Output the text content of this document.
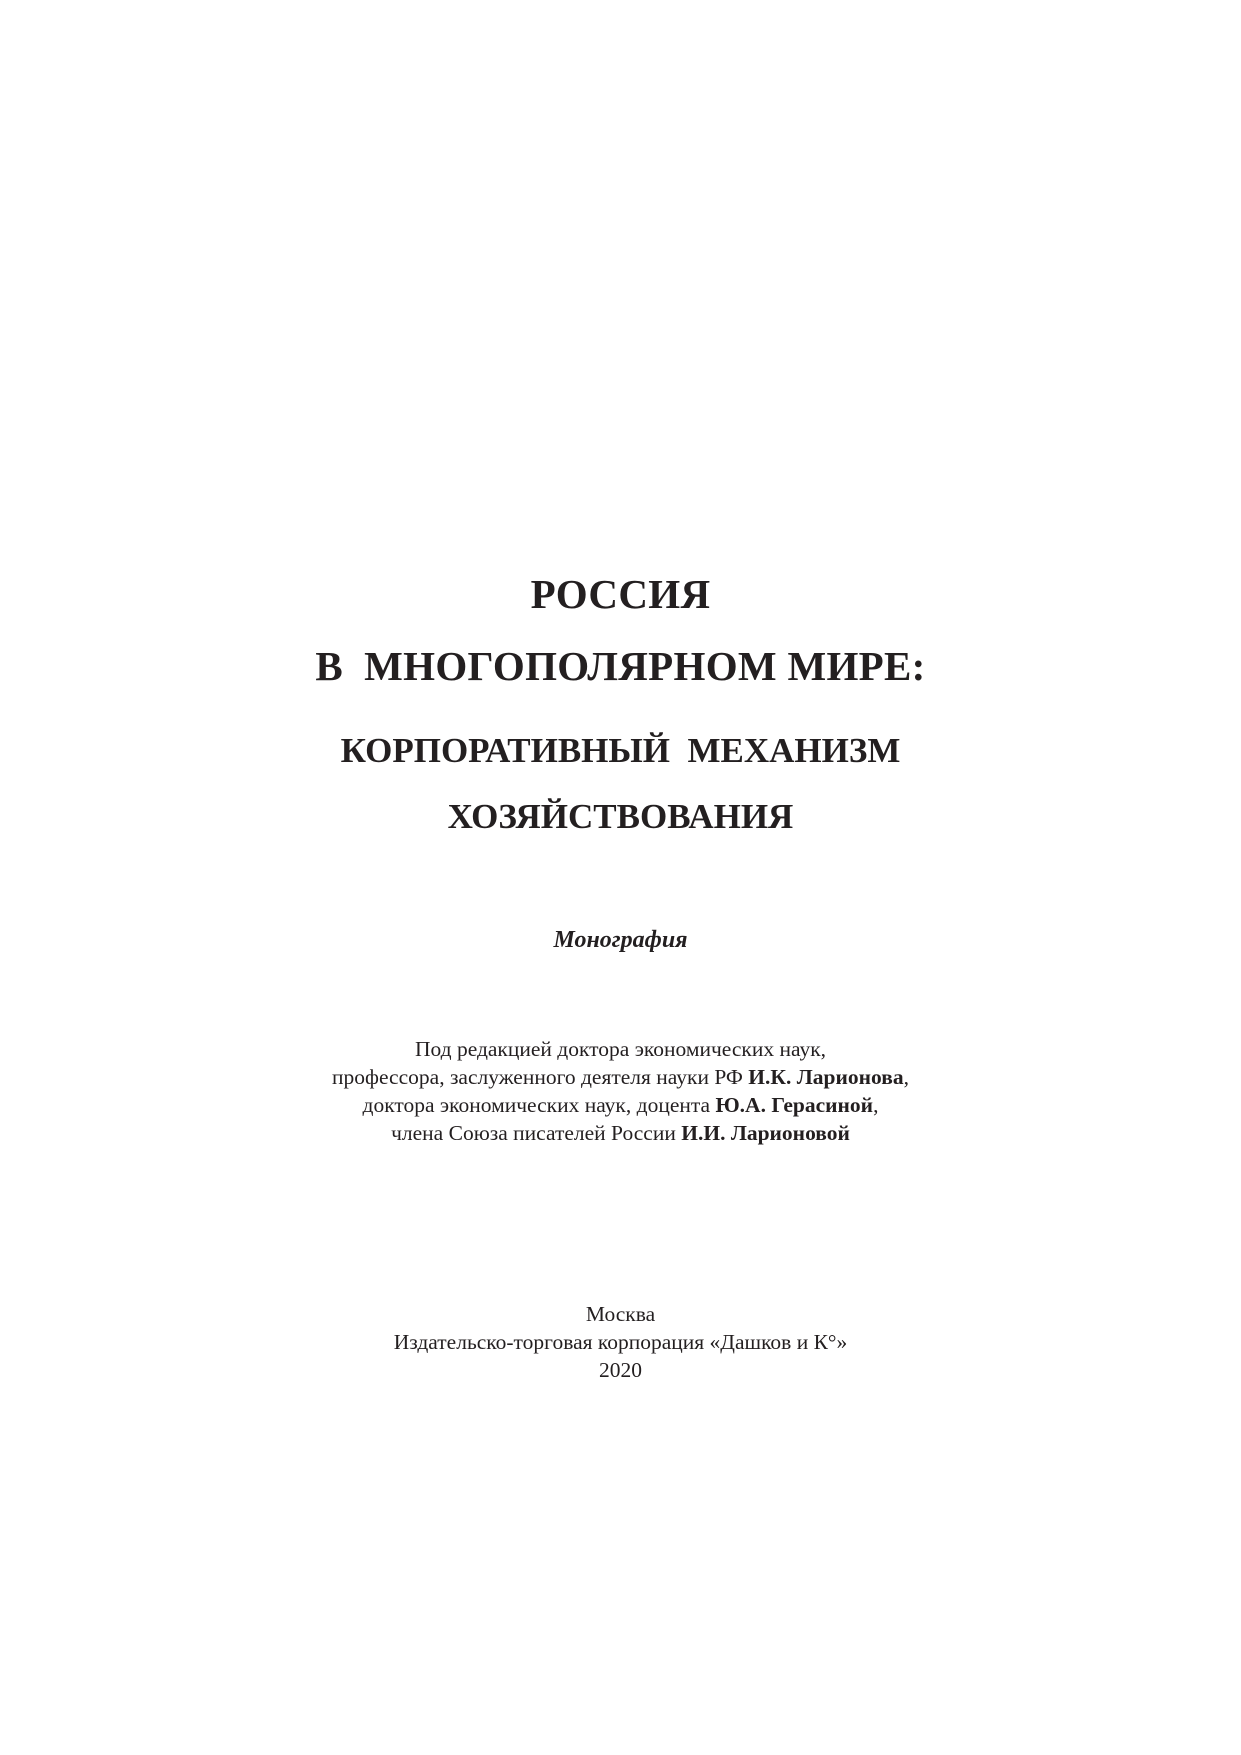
РОССИЯ
В  МНОГОПОЛЯРНОМ МИРЕ:
КОРПОРАТИВНЫЙ  МЕХАНИЗМ
ХОЗЯЙСТВОВАНИЯ
Монография
Под редакцией доктора экономических наук,
профессора, заслуженного деятеля науки РФ И.К. Ларионова,
доктора экономических наук, доцента Ю.А. Герасиной,
члена Союза писателей России И.И. Ларионовой
Москва
Издательско-торговая корпорация «Дашков и К°»
2020
